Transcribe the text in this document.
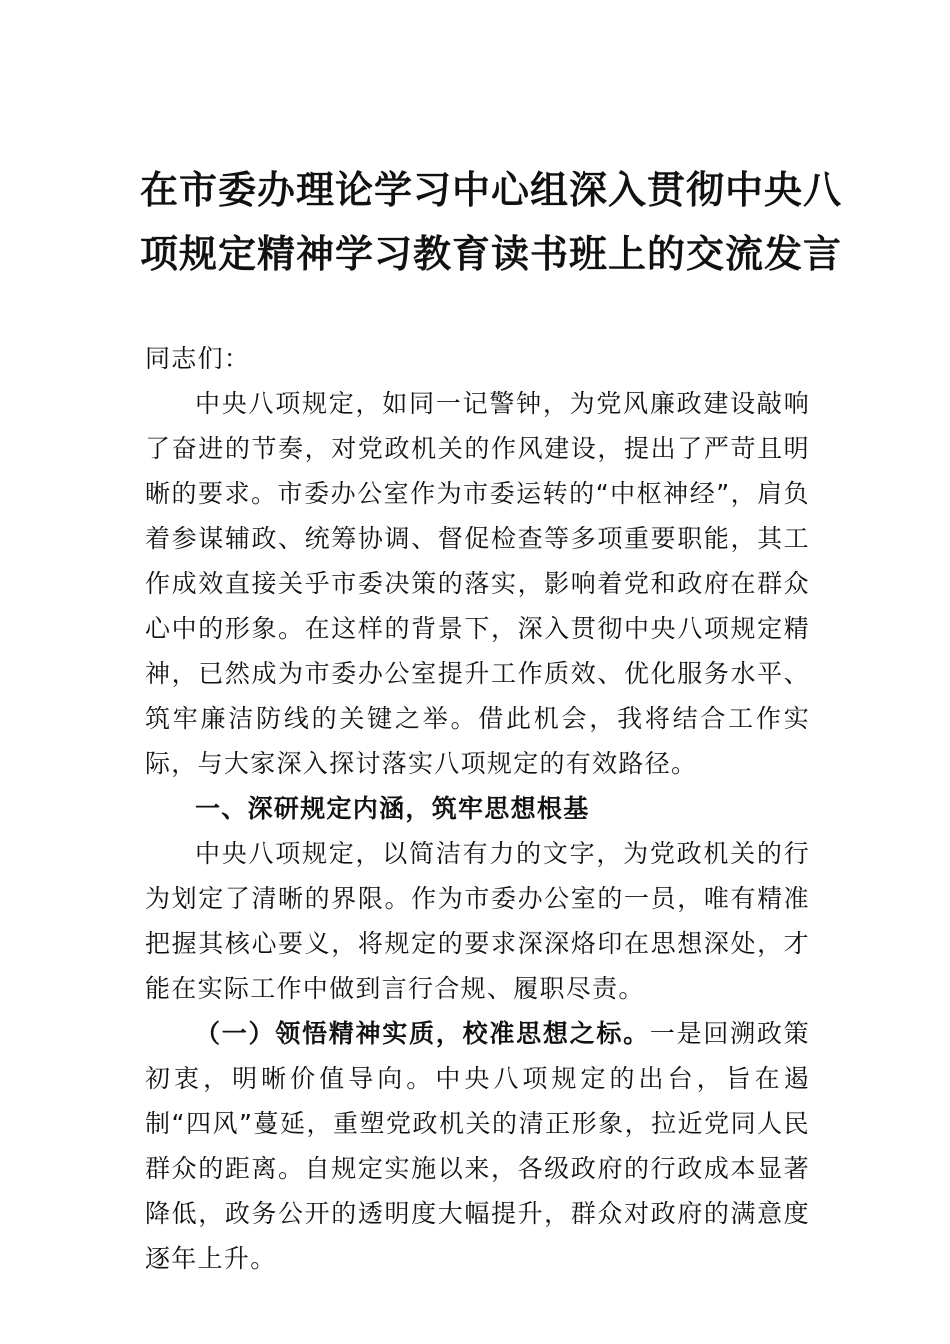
在市委办理论学习中心组深入贯彻中央八
项规定精神学习教育读书班上的交流发言

同志们：

中央八项规定，如同一记警钟，为党风廉政建设敲响了奋进的节奏，对党政机关的作风建设，提出了严苛且明晰的要求。市委办公室作为市委运转的“中枢神经”，肩负着参谋辅政、统筹协调、督促检查等多项重要职能，其工作成效直接关乎市委决策的落实，影响着党和政府在群众心中的形象。在这样的背景下，深入贯彻中央八项规定精神，已然成为市委办公室提升工作质效、优化服务水平、筑牢廉洁防线的关键之举。借此机会，我将结合工作实际，与大家深入探讨落实八项规定的有效路径。

一、深研规定内涵，筑牢思想根基

中央八项规定，以简洁有力的文字，为党政机关的行为划定了清晰的界限。作为市委办公室的一员，唯有精准把握其核心要义，将规定的要求深深烙印在思想深处，才能在实际工作中做到言行合规、履职尽责。

（一）领悟精神实质，校准思想之标。一是回溯政策初衷，明晰价值导向。中央八项规定的出台，旨在遏制“四风”蔓延，重塑党政机关的清正形象，拉近党同人民群众的距离。自规定实施以来，各级政府的行政成本显著降低，政务公开的透明度大幅提升，群众对政府的满意度逐年上升。
